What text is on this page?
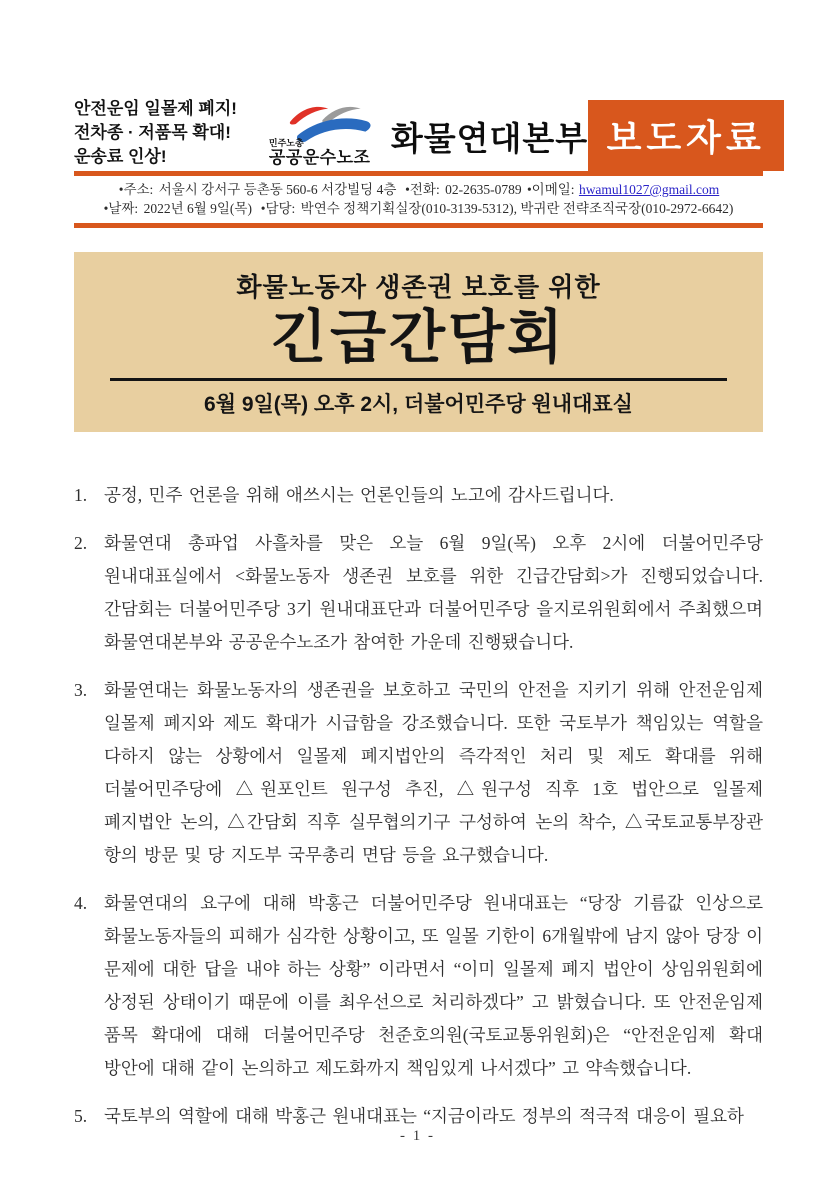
안전운임 일몰제 폐지!
전차종 · 저품목 확대!
운송료 인상!
민주노총
공공운수노조
화물연대본부 보도자료
•주소: 서울시 강서구 등촌동 560-6 서강빌딩 4층 •전화: 02-2635-0789 •이메일: hwamul1027@gmail.com
•날짜: 2022년 6월 9일(목) •담당: 박연수 정책기획실장(010-3139-5312), 박귀란 전략조직국장(010-2972-6642)
화물노동자 생존권 보호를 위한
긴급간담회
6월 9일(목) 오후 2시, 더불어민주당 원내대표실
1. 공정, 민주 언론을 위해 애쓰시는 언론인들의 노고에 감사드립니다.
2. 화물연대 총파업 사흘차를 맞은 오늘 6월 9일(목) 오후 2시에 더불어민주당 원내대표실에서 <화물노동자 생존권 보호를 위한 긴급간담회>가 진행되었습니다. 간담회는 더불어민주당 3기 원내대표단과 더불어민주당 을지로위원회에서 주최했으며 화물연대본부와 공공운수노조가 참여한 가운데 진행됐습니다.
3. 화물연대는 화물노동자의 생존권을 보호하고 국민의 안전을 지키기 위해 안전운임제 일몰제 폐지와 제도 확대가 시급함을 강조했습니다. 또한 국토부가 책임있는 역할을 다하지 않는 상황에서 일몰제 폐지법안의 즉각적인 처리 및 제도 확대를 위해 더불어민주당에 △원포인트 원구성 추진, △원구성 직후 1호 법안으로 일몰제 폐지법안 논의, △간담회 직후 실무협의기구 구성하여 논의 착수, △국토교통부장관 항의 방문 및 당 지도부 국무총리 면담 등을 요구했습니다.
4. 화물연대의 요구에 대해 박홍근 더불어민주당 원내대표는 “당장 기름값 인상으로 화물노동자들의 피해가 심각한 상황이고, 또 일몰 기한이 6개월밖에 남지 않아 당장 이 문제에 대한 답을 내야 하는 상황” 이라면서 “이미 일몰제 폐지 법안이 상임위원회에 상정된 상태이기 때문에 이를 최우선으로 처리하겠다” 고 밝혔습니다. 또 안전운임제 품목 확대에 대해 더불어민주당 천준호의원(국토교통위원회)은 “안전운임제 확대 방안에 대해 같이 논의하고 제도화까지 책임있게 나서겠다” 고 약속했습니다.
5. 국토부의 역할에 대해 박홍근 원내대표는 “지금이라도 정부의 적극적 대응이 필요하
- 1 -
